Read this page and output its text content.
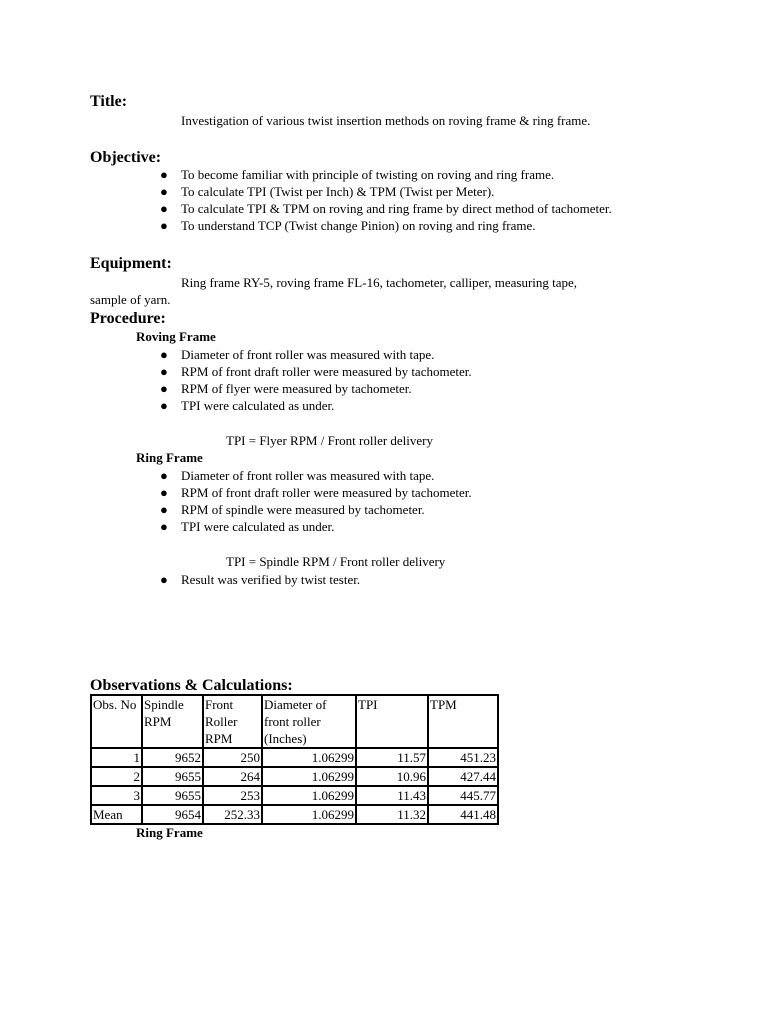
Title:
Investigation of various twist insertion methods on roving frame & ring frame.
Objective:
● To become familiar with principle of twisting on roving and ring frame.
● To calculate TPI (Twist per Inch) & TPM (Twist per Meter).
● To calculate TPI & TPM on roving and ring frame by direct method of tachometer.
● To understand TCP (Twist change Pinion) on roving and ring frame.
Equipment:
Ring frame RY-5, roving frame FL-16, tachometer, calliper, measuring tape,
sample of yarn.
Procedure:
Roving Frame
● Diameter of front roller was measured with tape.
● RPM of front draft roller were measured by tachometer.
● RPM of flyer were measured by tachometer.
● TPI were calculated as under.
TPI = Flyer RPM / Front roller delivery
Ring Frame
● Diameter of front roller was measured with tape.
● RPM of front draft roller were measured by tachometer.
● RPM of spindle were measured by tachometer.
● TPI were calculated as under.
TPI = Spindle RPM / Front roller delivery
● Result was verified by twist tester.
Observations & Calculations:
Obs. No	Spindle RPM	Front Roller RPM	Diameter of front roller (Inches)	TPI	TPM
1	9652	250	1.06299	11.57	451.23
2	9655	264	1.06299	10.96	427.44
3	9655	253	1.06299	11.43	445.77
Mean	9654	252.33	1.06299	11.32	441.48
Ring Frame
